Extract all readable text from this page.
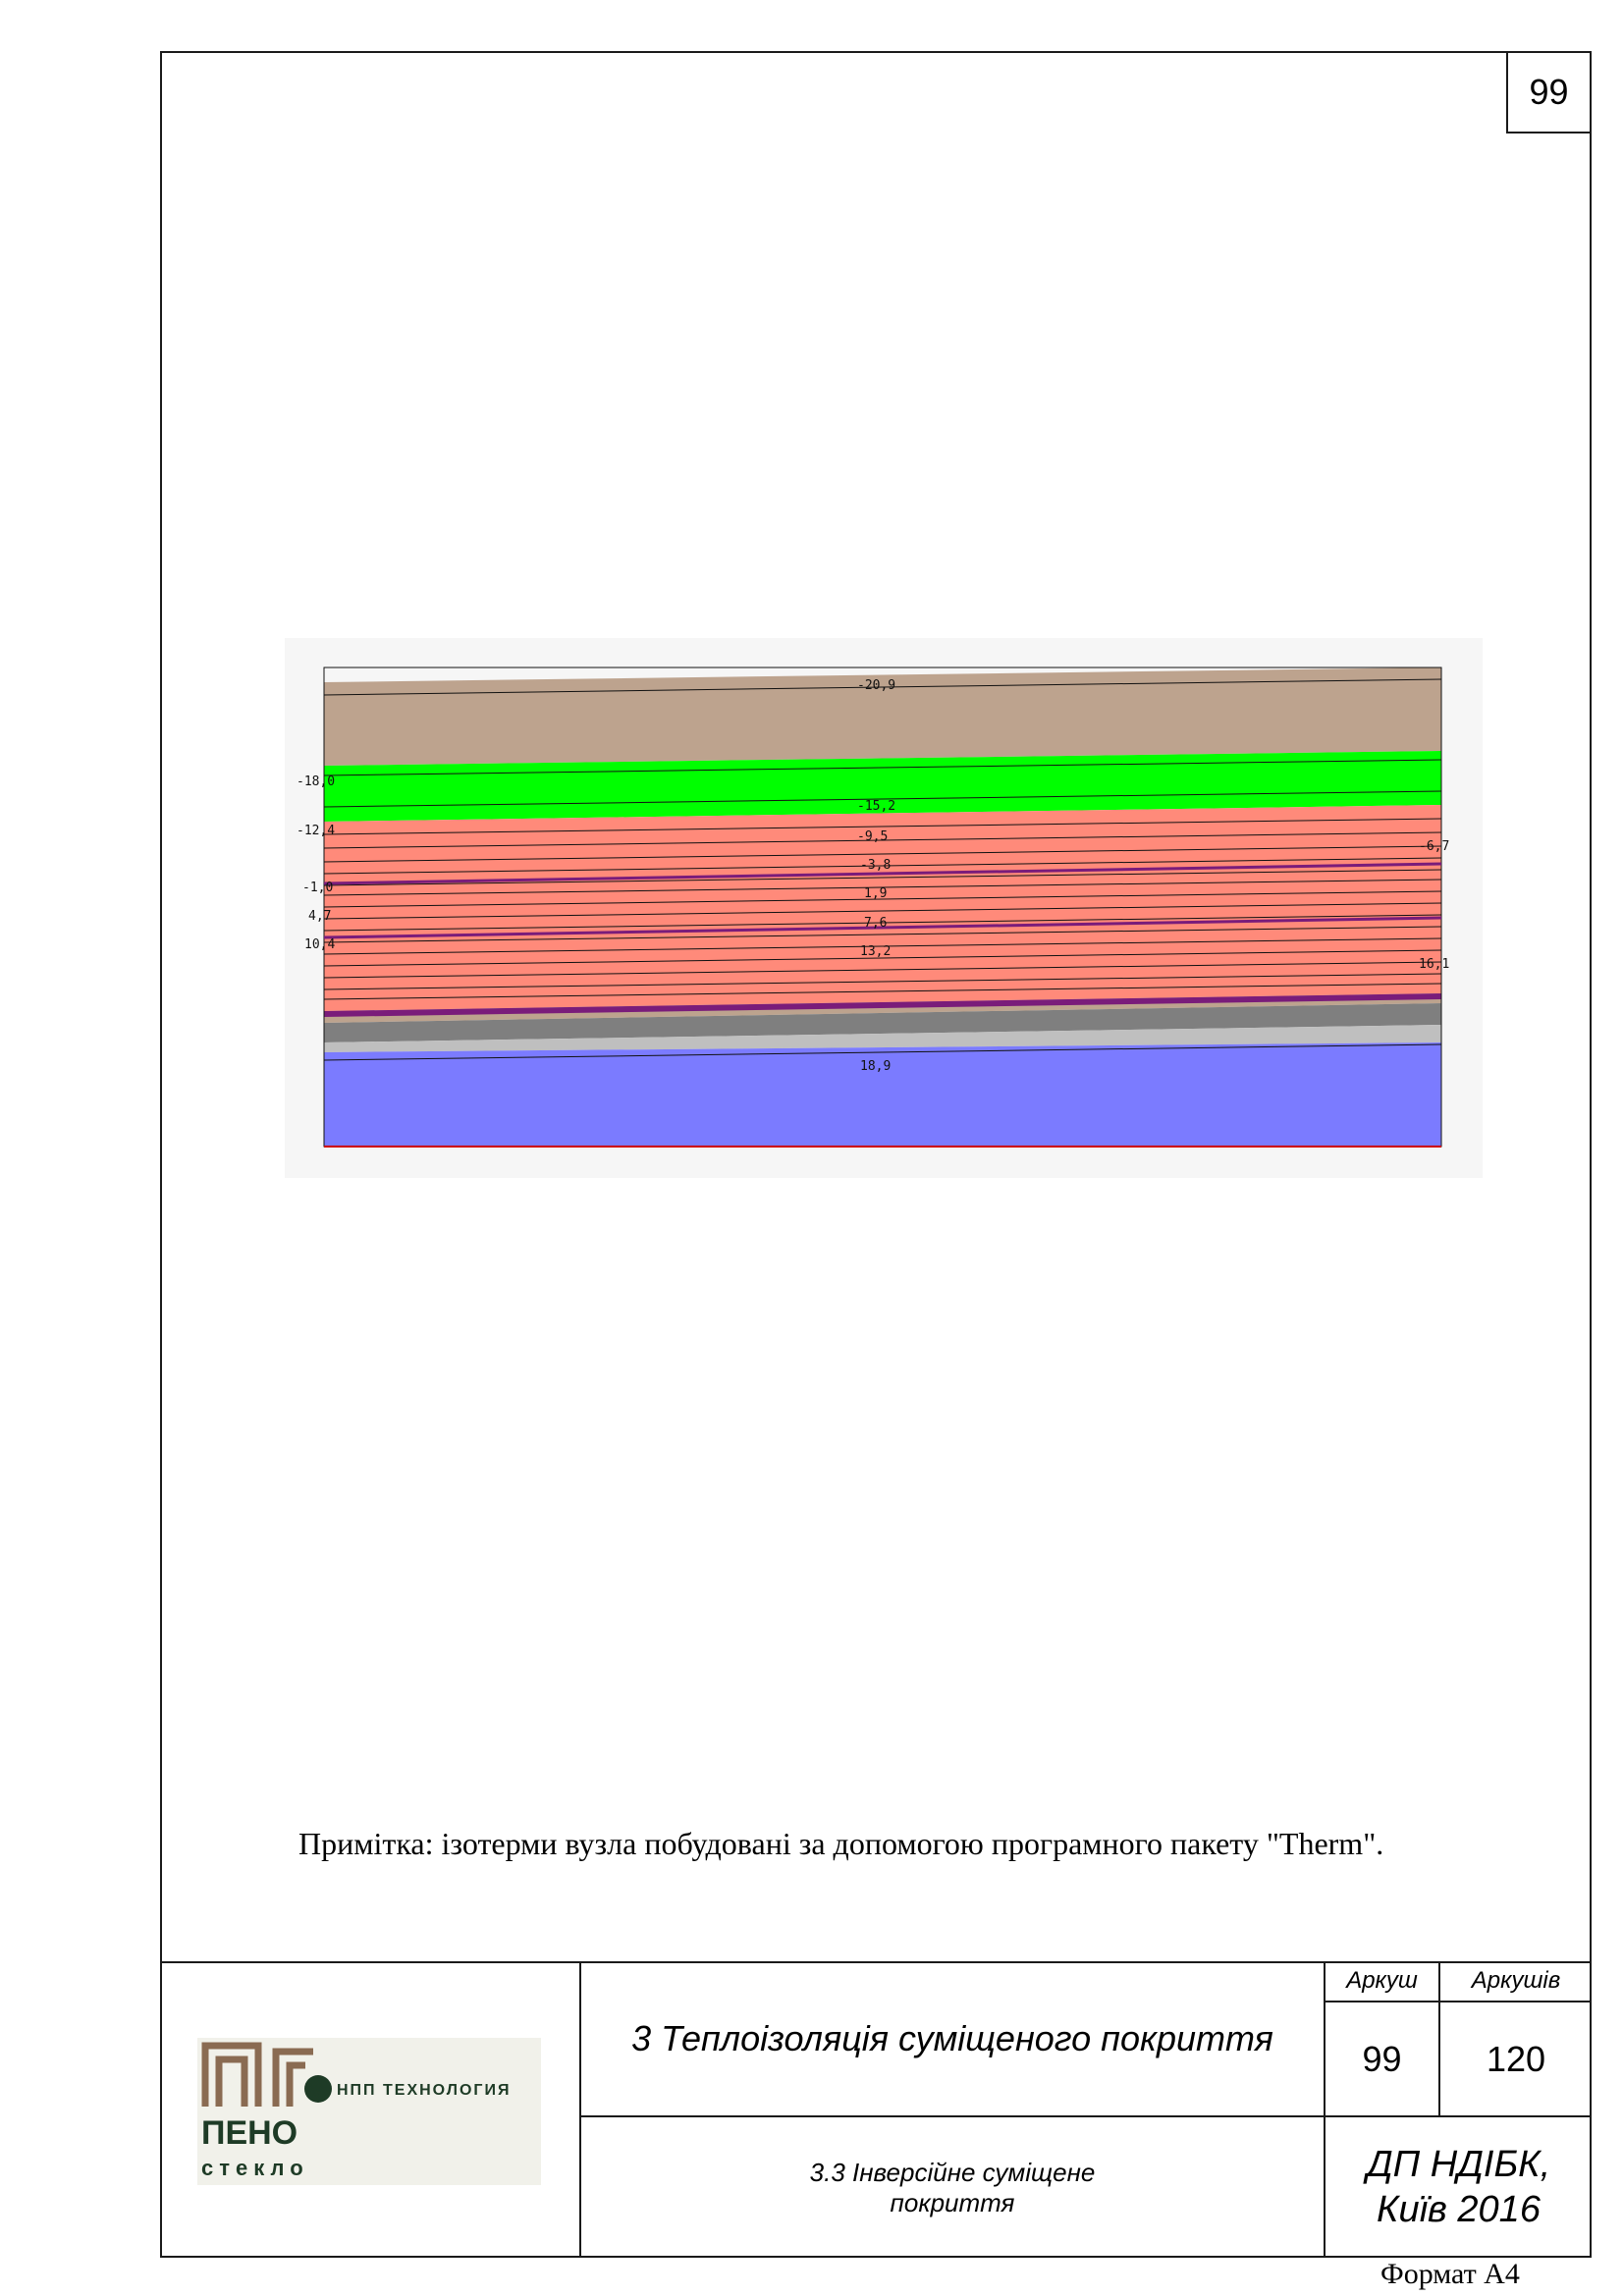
99
-20,9
-18,0
-12,4
-1,0
4,7
10,4
-15,2
-9,5
-3,8
1,9
7,6
13,2
-6,7
16,1
18,9
Примітка: ізотерми вузла побудовані за допомогою програмного пакету "Therm".
НПП ТЕХНОЛОГИЯ
ПЕНО
стекло
3 Теплоізоляція суміщеного покриття
3.3 Інверсійне суміщене
покриття
Аркуш	Аркушів
99	120
ДП НДІБК,
Київ 2016
Формат А4
